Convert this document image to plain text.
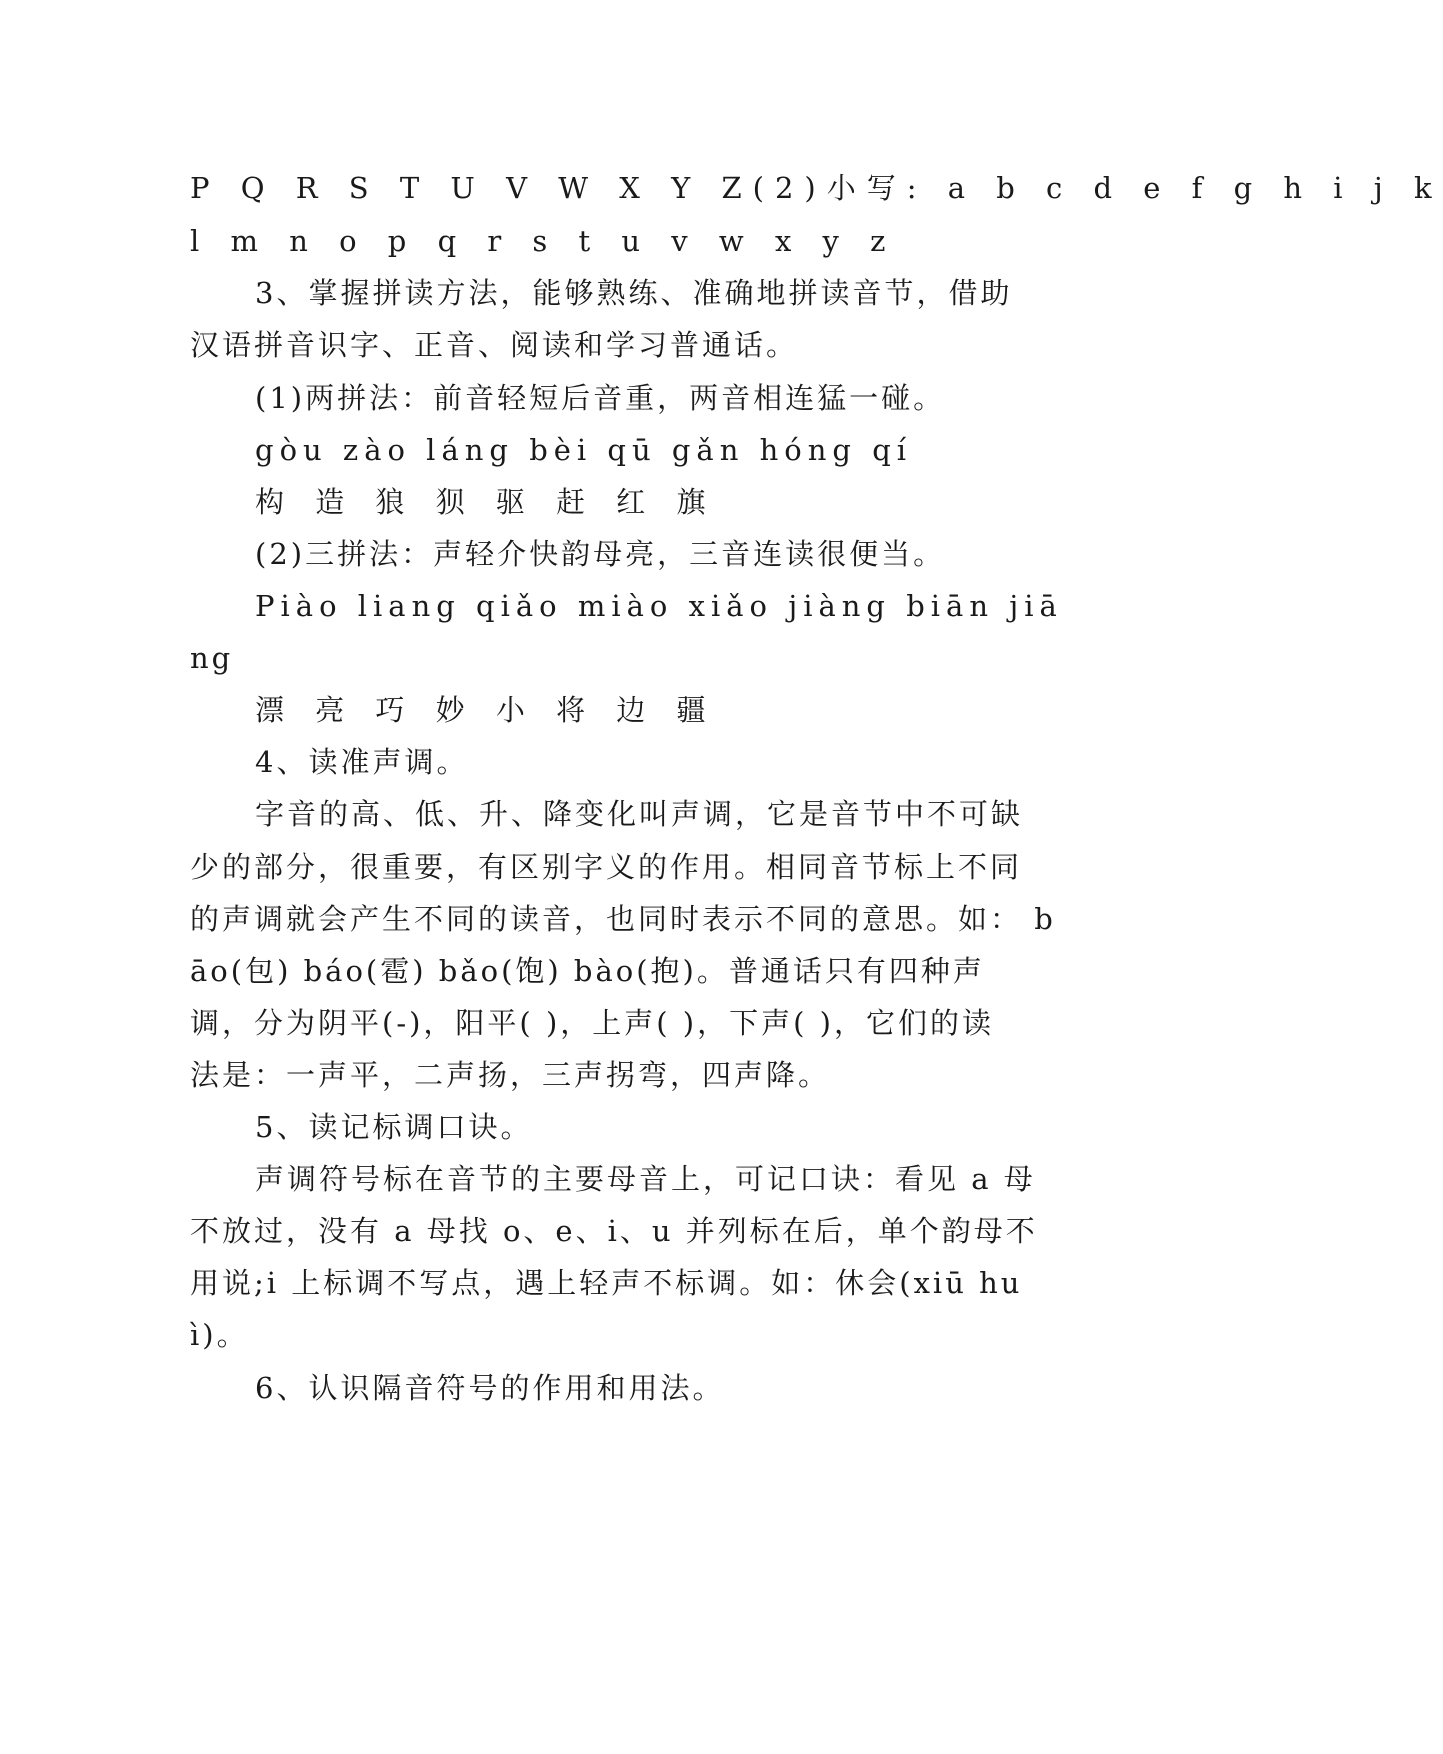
P Q R S T U V W X Y Z(2)小写: a b c d e f g h i j k
l m n o p q r s t u v w x y z
3、掌握拼读方法，能够熟练、准确地拼读音节，借助
汉语拼音识字、正音、阅读和学习普通话。
(1)两拼法：前音轻短后音重，两音相连猛一碰。
gòu zào láng bèi qū gǎn hóng qí
构 造 狼 狈 驱 赶 红 旗
(2)三拼法：声轻介快韵母亮，三音连读很便当。
Piào liang qiǎo miào xiǎo jiàng biān jiā
ng
漂 亮 巧 妙 小 将 边 疆
4、读准声调。
字音的高、低、升、降变化叫声调，它是音节中不可缺
少的部分，很重要，有区别字义的作用。相同音节标上不同
的声调就会产生不同的读音，也同时表示不同的意思。如： b
āo(包) báo(雹) bǎo(饱) bào(抱)。普通话只有四种声
调，分为阴平(-)，阳平( )，上声( )，下声( )，它们的读
法是：一声平，二声扬，三声拐弯，四声降。
5、读记标调口诀。
声调符号标在音节的主要母音上，可记口诀：看见 a 母
不放过，没有 a 母找 o、e、i、u 并列标在后，单个韵母不
用说;i 上标调不写点，遇上轻声不标调。如：休会(xiū hu
ì)。
6、认识隔音符号的作用和用法。
